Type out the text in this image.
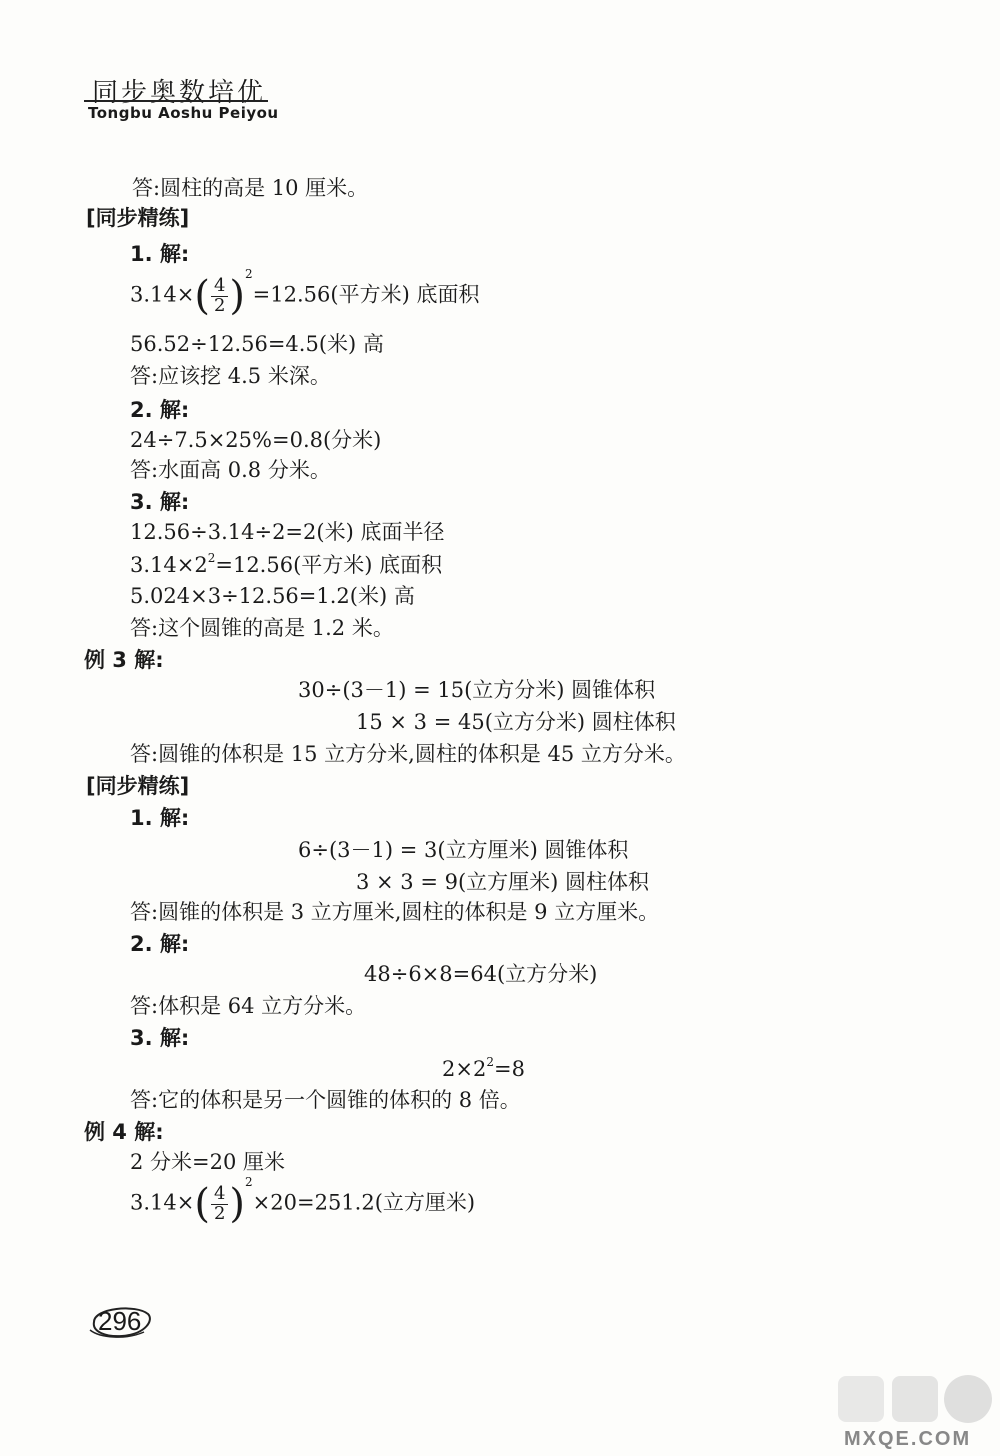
同步奥数培优
Tongbu Aoshu Peiyou
答:圆柱的高是 10 厘米。
[同步精练]
1. 解:
$3.14\times( \frac{4}{2} )^2=12.56$(平方米) 底面积
56.52÷12.56=4.5(米) 高
答:应该挖 4.5 米深。
2. 解:
24÷7.5×25%=0.8(分米)
答:水面高 0.8 分米。
3. 解:
12.56÷3.14÷2=2(米) 底面半径
$3.14\times 2^2=12.56$(平方米) 底面积
5.024×3÷12.56=1.2(米) 高
答:这个圆锥的高是 1.2 米。
例 3 解:
30÷(3－1) = 15(立方分米) 圆锥体积
15 × 3 = 45(立方分米) 圆柱体积
答:圆锥的体积是 15 立方分米,圆柱的体积是 45 立方分米。
[同步精练]
1. 解:
6÷(3－1) = 3(立方厘米) 圆锥体积
3 × 3 = 9(立方厘米) 圆柱体积
答:圆锥的体积是 3 立方厘米,圆柱的体积是 9 立方厘米。
2. 解:
48÷6×8=64(立方分米)
答:体积是 64 立方分米。
3. 解:
$2\times 2^2=8$
答:它的体积是另一个圆锥的体积的 8 倍。
例 4 解:
2 分米=20 厘米
$3.14\times( \frac{4}{2} )^2\times 20=251.2$(立方厘米)
296
MXQE.COM
